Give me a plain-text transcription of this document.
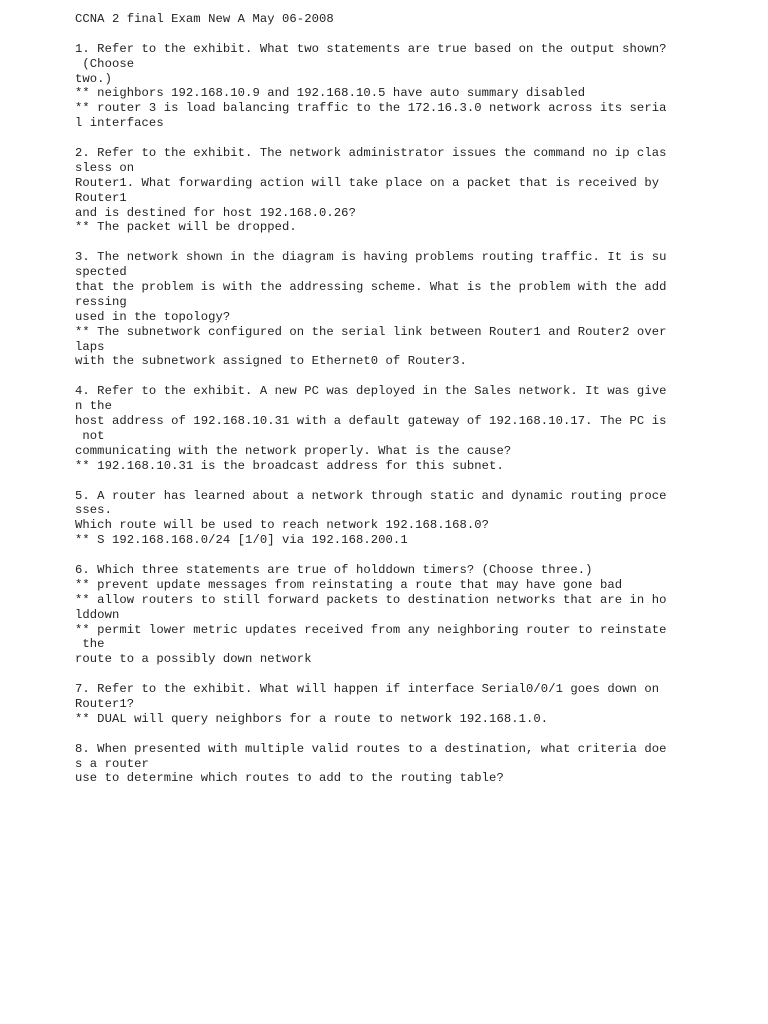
CCNA 2 final Exam New A May 06-2008
1. Refer to the exhibit. What two statements are true based on the output shown?
(Choose
two.)
** neighbors 192.168.10.9 and 192.168.10.5 have auto summary disabled
** router 3 is load balancing traffic to the 172.16.3.0 network across its seria
l interfaces
2. Refer to the exhibit. The network administrator issues the command no ip clas
sless on
Router1. What forwarding action will take place on a packet that is received by
Router1
and is destined for host 192.168.0.26?
** The packet will be dropped.
3. The network shown in the diagram is having problems routing traffic. It is su
spected
that the problem is with the addressing scheme. What is the problem with the add
ressing
used in the topology?
** The subnetwork configured on the serial link between Router1 and Router2 over
laps
with the subnetwork assigned to Ethernet0 of Router3.
4. Refer to the exhibit. A new PC was deployed in the Sales network. It was give
n the
host address of 192.168.10.31 with a default gateway of 192.168.10.17. The PC is
not
communicating with the network properly. What is the cause?
** 192.168.10.31 is the broadcast address for this subnet.
5. A router has learned about a network through static and dynamic routing proce
sses.
Which route will be used to reach network 192.168.168.0?
** S 192.168.168.0/24 [1/0] via 192.168.200.1
6. Which three statements are true of holddown timers? (Choose three.)
** prevent update messages from reinstating a route that may have gone bad
** allow routers to still forward packets to destination networks that are in ho
lddown
** permit lower metric updates received from any neighboring router to reinstate
the
route to a possibly down network
7. Refer to the exhibit. What will happen if interface Serial0/0/1 goes down on
Router1?
** DUAL will query neighbors for a route to network 192.168.1.0.
8. When presented with multiple valid routes to a destination, what criteria doe
s a router
use to determine which routes to add to the routing table?
